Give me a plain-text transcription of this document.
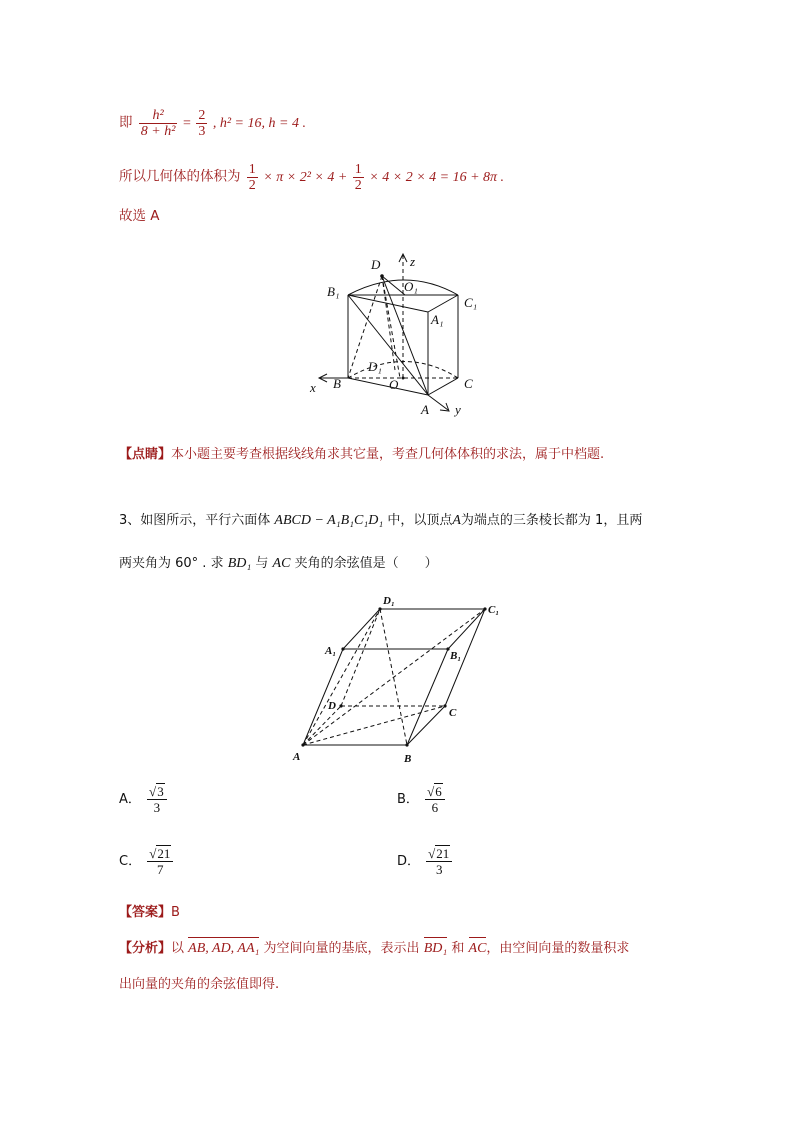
即 $\frac{\text{h²}}{\text{8 + h²}} = \frac{2}{3}$ , h² = 16, h = 4 .
所以几何体的体积为 $\frac{1}{2} \times \pi \times 2^2 \times 4 + \frac{1}{2} \times 4 \times 2 \times 4 = 16 + 8\pi$ .
故选 A
D z
B₁	O₁
C₁
A₁
D₁
x B	O	C
A y
【点睛】本小题主要考查根据线线角求其它量，考查几何体体积的求法，属于中档题.
3、如图所示，平行六面体 ABCD − A₁B₁C₁D₁ 中，以顶点A为端点的三条棱长都为 1，且两
两夹角为 60° . 求 BD₁ 与 AC 夹角的余弦值是（　　）
D₁
C₁
A₁	B₁
D
C
A	B
A． $\frac{√3}{3}$	B． $\frac{√6}{6}$
C． $\frac{√21}{7}$	D． $\frac{√21}{3}$
【答案】B
【分析】以 AB, AD, AA₁ 为空间向量的基底，表示出 BD₁ 和 AC，由空间向量的数量积求
出向量的夹角的余弦值即得.
